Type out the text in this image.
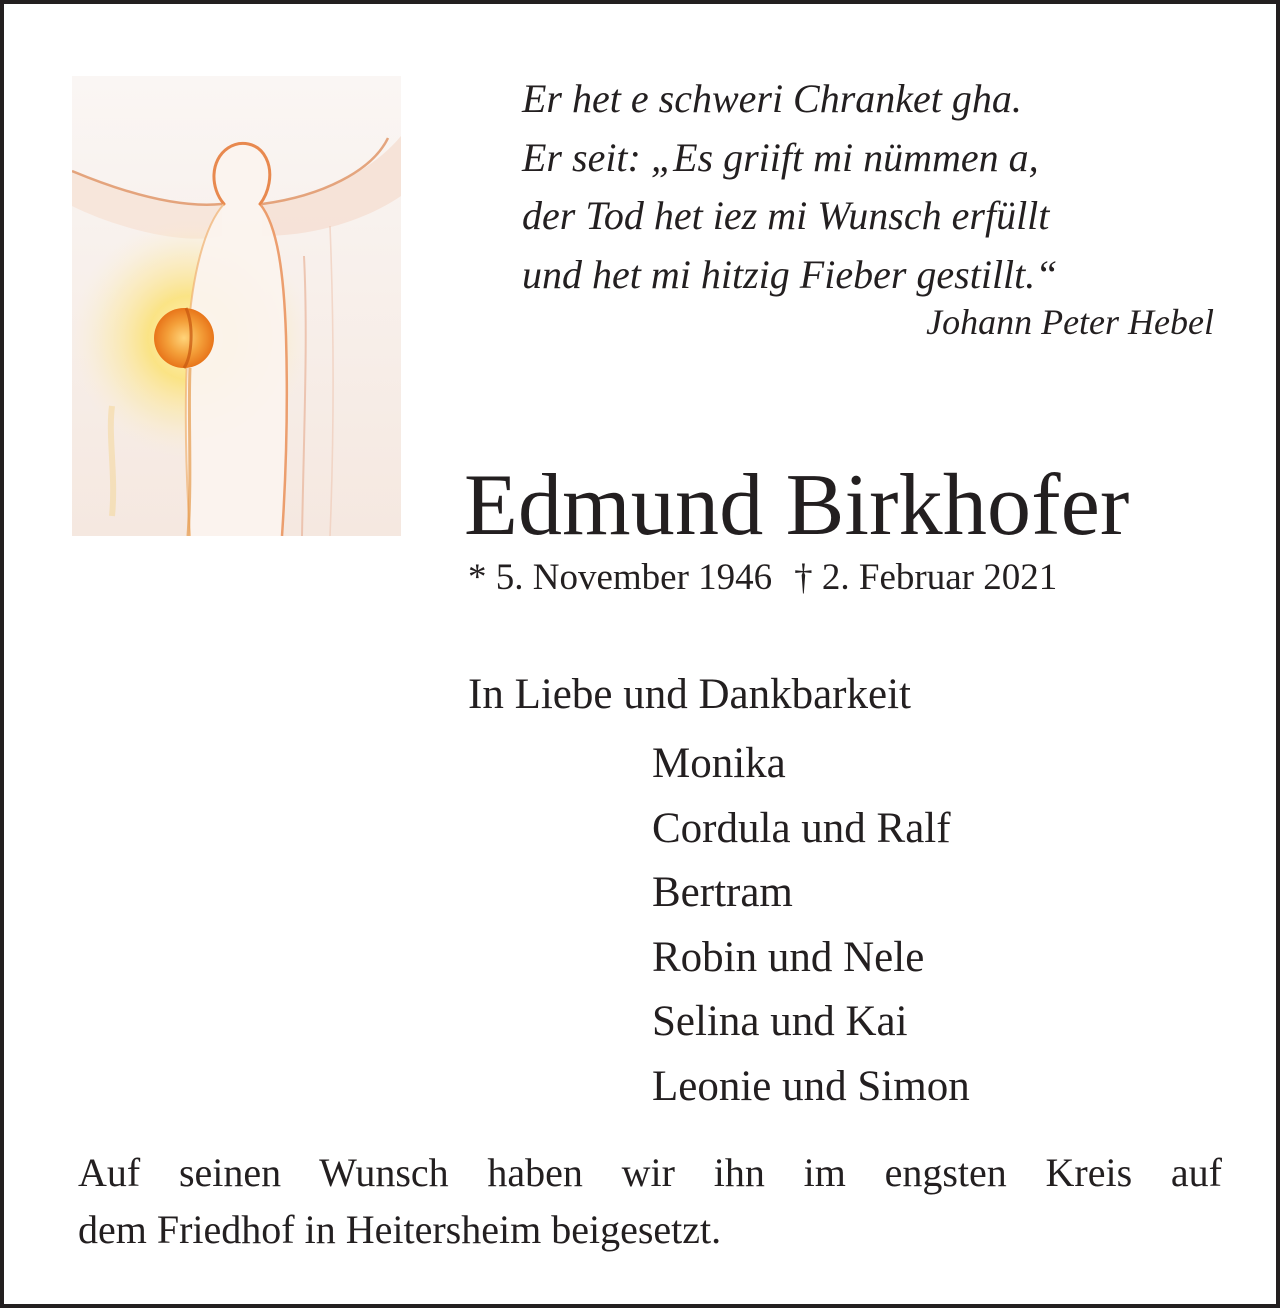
Er het e schweri Chranket gha.
Er seit: „Es griift mi nümmen a,
der Tod het iez mi Wunsch erfüllt
und het mi hitzig Fieber gestillt.“
Johann Peter Hebel
Edmund Birkhofer
* 5. November 1946 † 2. Februar 2021
In Liebe und Dankbarkeit
Monika
Cordula und Ralf
Bertram
Robin und Nele
Selina und Kai
Leonie und Simon
Auf seinen Wunsch haben wir ihn im engsten Kreis auf
dem Friedhof in Heitersheim beigesetzt.
